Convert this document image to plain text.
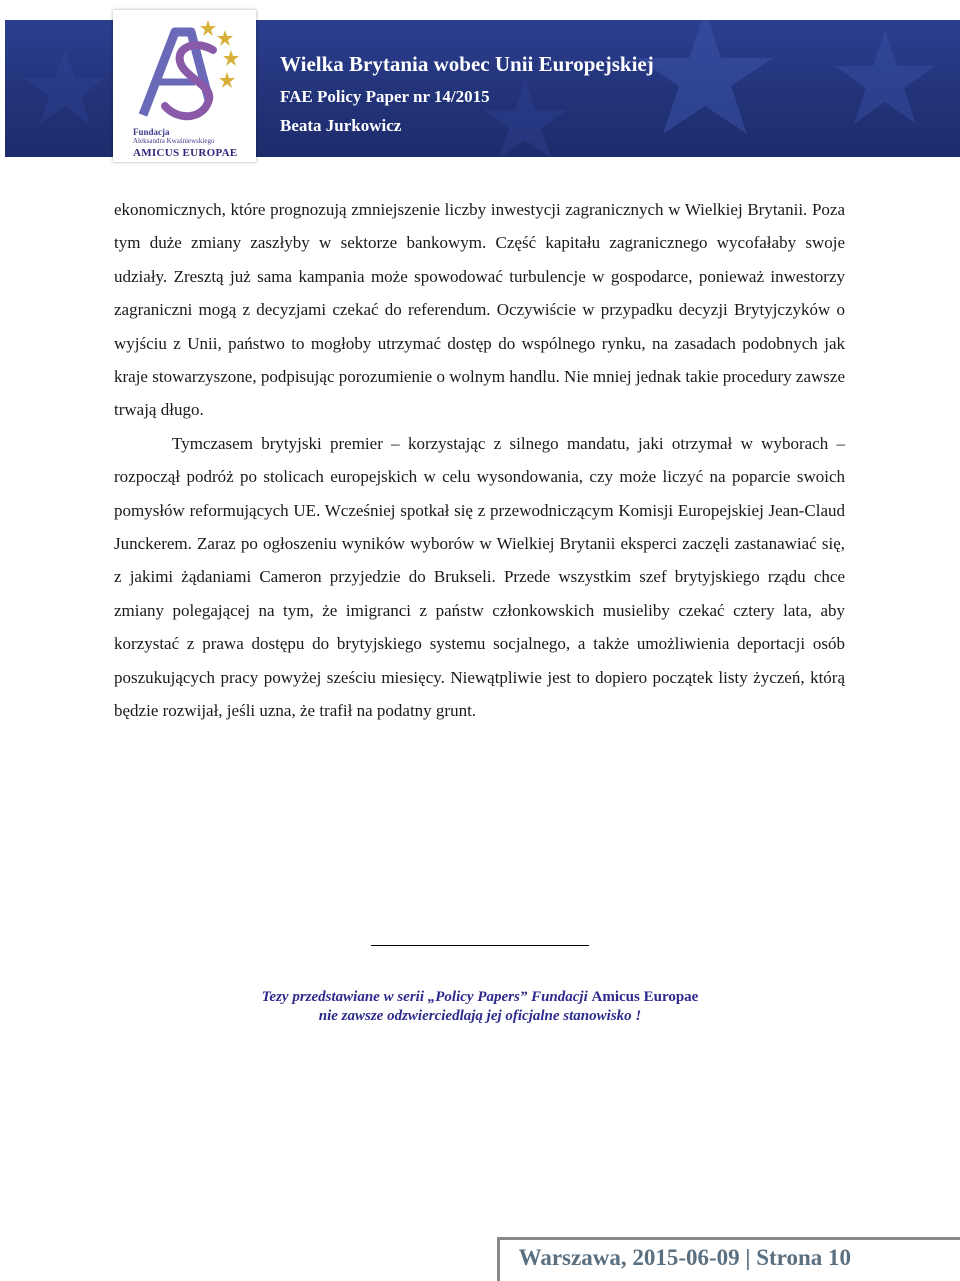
Wielka Brytania wobec Unii Europejskiej
FAE Policy Paper nr 14/2015
Beata Jurkowicz
Fundacja
Aleksandra Kwaśniewskiego
AMICUS EUROPAE

ekonomicznych, które prognozują zmniejszenie liczby inwestycji zagranicznych w Wielkiej Brytanii. Poza tym duże zmiany zaszłyby w sektorze bankowym. Część kapitału zagranicznego wycofałaby swoje udziały. Zresztą już sama kampania może spowodować turbulencje w gospodarce, ponieważ inwestorzy zagraniczni mogą z decyzjami czekać do referendum. Oczywiście w przypadku decyzji Brytyjczyków o wyjściu z Unii, państwo to mogłoby utrzymać dostęp do wspólnego rynku, na zasadach podobnych jak kraje stowarzyszone, podpisując porozumienie o wolnym handlu. Nie mniej jednak takie procedury zawsze trwają długo.

Tymczasem brytyjski premier – korzystając z silnego mandatu, jaki otrzymał w wyborach – rozpoczął podróż po stolicach europejskich w celu wysondowania, czy może liczyć na poparcie swoich pomysłów reformujących UE. Wcześniej spotkał się z przewodniczącym Komisji Europejskiej Jean-Claud Junckerem. Zaraz po ogłoszeniu wyników wyborów w Wielkiej Brytanii eksperci zaczęli zastanawiać się, z jakimi żądaniami Cameron przyjedzie do Brukseli. Przede wszystkim szef brytyjskiego rządu chce zmiany polegającej na tym, że imigranci z państw członkowskich musieliby czekać cztery lata, aby korzystać z prawa dostępu do brytyjskiego systemu socjalnego, a także umożliwienia deportacji osób poszukujących pracy powyżej sześciu miesięcy. Niewątpliwie jest to dopiero początek listy życzeń, którą będzie rozwijał, jeśli uzna, że trafił na podatny grunt.

Tezy przedstawiane w serii „Policy Papers” Fundacji Amicus Europae
nie zawsze odzwierciedlają jej oficjalne stanowisko !
Warszawa, 2015-06-09 | Strona 10
